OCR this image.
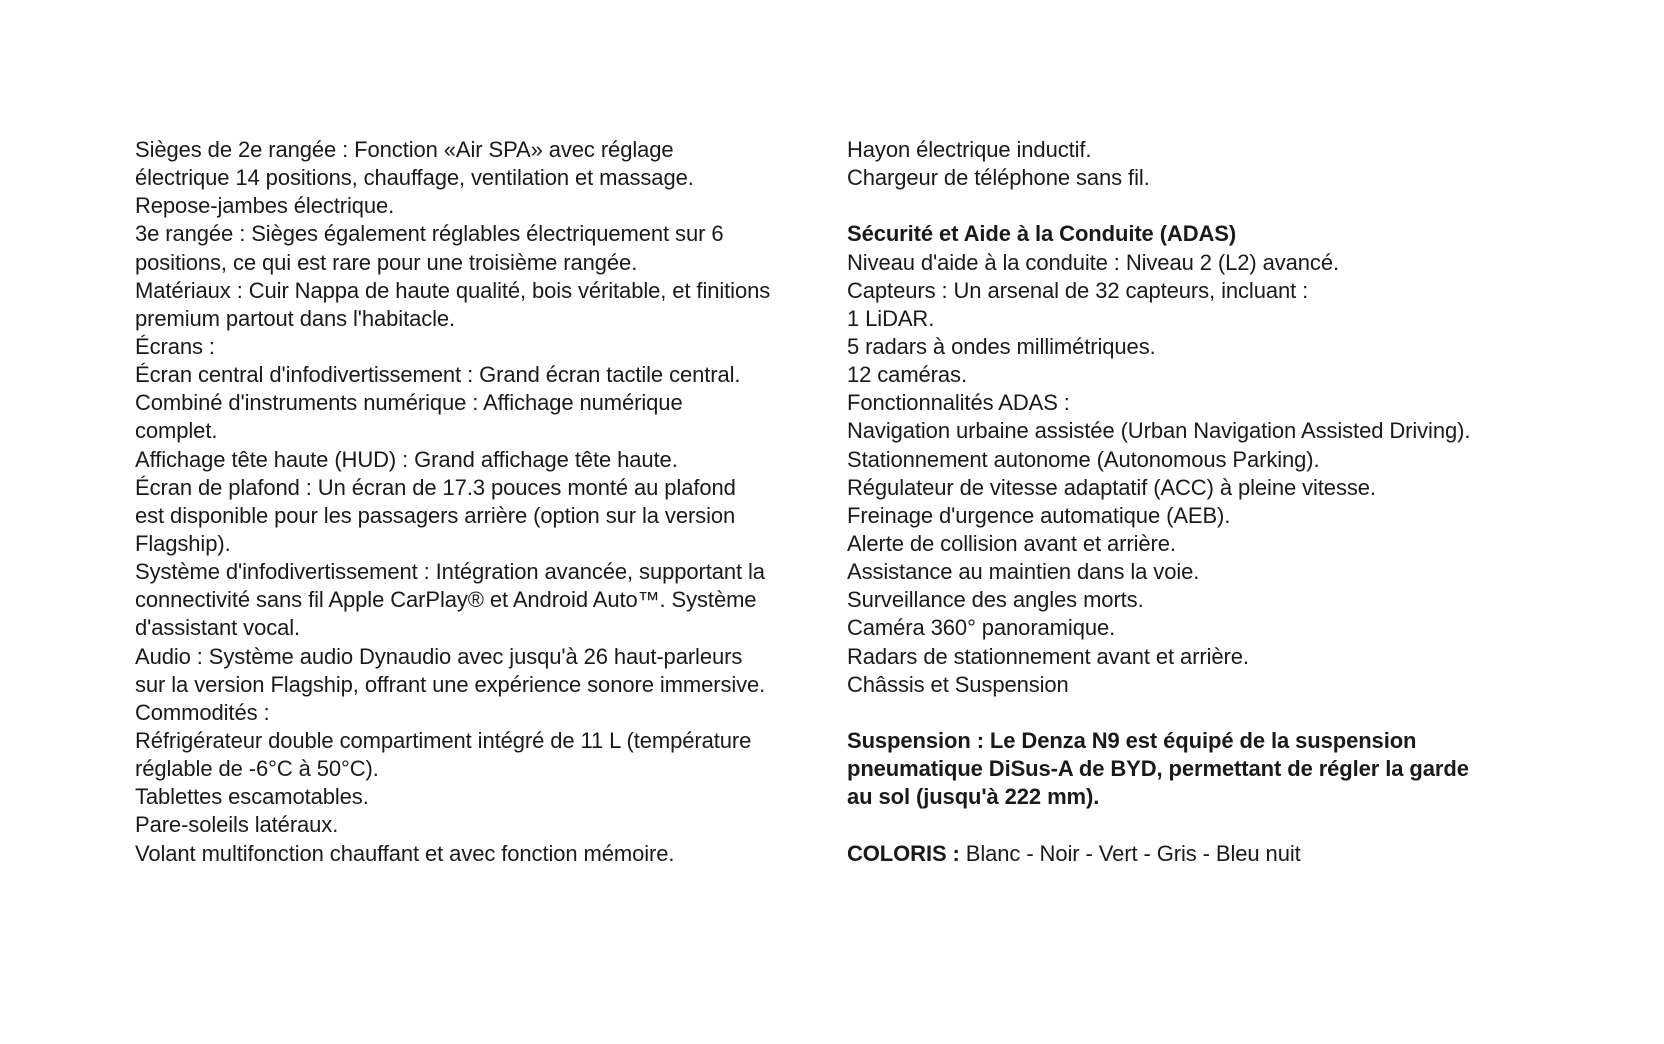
Sièges de 2e rangée : Fonction «Air SPA» avec réglage
électrique 14 positions, chauffage, ventilation et massage.
Repose-jambes électrique.
3e rangée : Sièges également réglables électriquement sur 6
positions, ce qui est rare pour une troisième rangée.
Matériaux : Cuir Nappa de haute qualité, bois véritable, et finitions
premium partout dans l'habitacle.
Écrans :
Écran central d'infodivertissement : Grand écran tactile central.
Combiné d'instruments numérique : Affichage numérique
complet.
Affichage tête haute (HUD) : Grand affichage tête haute.
Écran de plafond : Un écran de 17.3 pouces monté au plafond
est disponible pour les passagers arrière (option sur la version
Flagship).
Système d'infodivertissement : Intégration avancée, supportant la
connectivité sans fil Apple CarPlay® et Android Auto™. Système
d'assistant vocal.
Audio : Système audio Dynaudio avec jusqu'à 26 haut-parleurs
sur la version Flagship, offrant une expérience sonore immersive.
Commodités :
Réfrigérateur double compartiment intégré de 11 L (température
réglable de -6°C à 50°C).
Tablettes escamotables.
Pare-soleils latéraux.
Volant multifonction chauffant et avec fonction mémoire.
Hayon électrique inductif.
Chargeur de téléphone sans fil.
Sécurité et Aide à la Conduite (ADAS)
Niveau d'aide à la conduite : Niveau 2 (L2) avancé.
Capteurs : Un arsenal de 32 capteurs, incluant :
1 LiDAR.
5 radars à ondes millimétriques.
12 caméras.
Fonctionnalités ADAS :
Navigation urbaine assistée (Urban Navigation Assisted Driving).
Stationnement autonome (Autonomous Parking).
Régulateur de vitesse adaptatif (ACC) à pleine vitesse.
Freinage d'urgence automatique (AEB).
Alerte de collision avant et arrière.
Assistance au maintien dans la voie.
Surveillance des angles morts.
Caméra 360° panoramique.
Radars de stationnement avant et arrière.
Châssis et Suspension
Suspension : Le Denza N9 est équipé de la suspension
pneumatique DiSus-A de BYD, permettant de régler la garde
au sol (jusqu'à 222 mm).
COLORIS : Blanc - Noir - Vert - Gris - Bleu nuit
